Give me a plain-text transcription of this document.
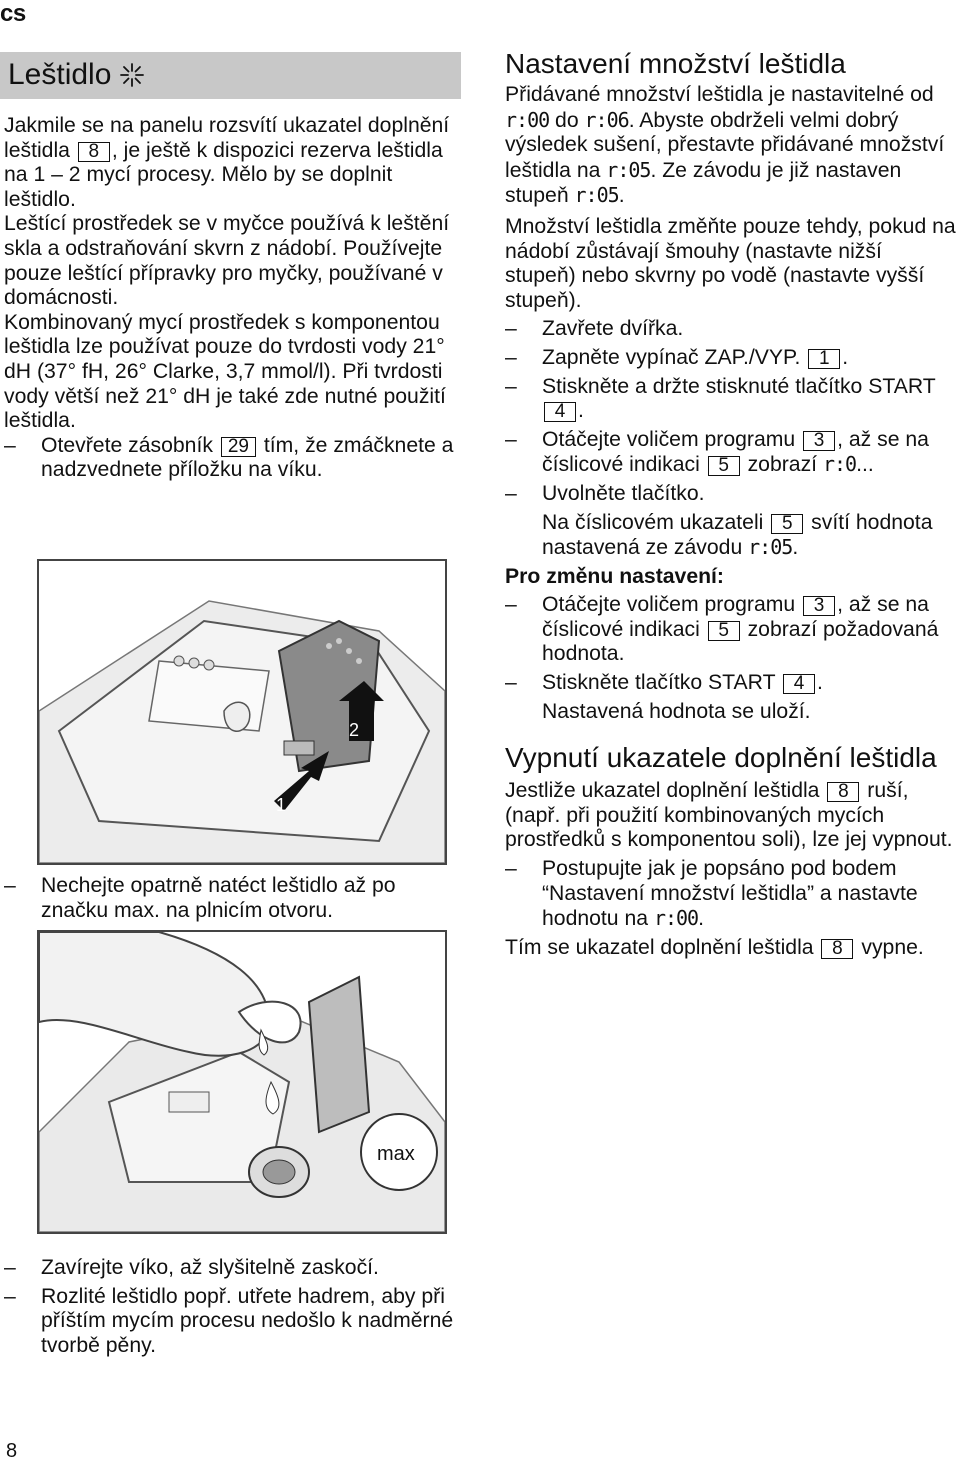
cs
Leštidlo

Jakmile se na panelu rozsvítí ukazatel doplnění leštidla 8 , je ještě k dispozici rezerva leštidla na 1 – 2 mycí procesy. Mělo by se doplnit leštidlo.

Leštící prostředek se v myčce používá k leštění skla a odstraňování skvrn z nádobí. Používejte pouze leštící přípravky pro myčky, používané v domácnosti.

Kombinovaný mycí prostředek s komponentou leštidla lze používat pouze do tvrdosti vody 21° dH (37° fH, 26° Clarke, 3,7 mmol/l). Při tvrdosti vody větší než 21° dH je také zde nutné použití leštidla.

– Otevřete zásobník 29 tím, že zmáčknete a nadzvednete příložku na víku.

1
2

– Nechejte opatrně natéct leštidlo až po značku max. na plnicím otvoru.

max

– Zavírejte víko, až slyšitelně zaskočí.

– Rozlité leštidlo popř. utřete hadrem, aby při příštím mycím procesu nedošlo k nadměrné tvorbě pěny.

Nastavení množství leštidla

Přidávané množství leštidla je nastavitelné od r:00 do r:06. Abyste obdrželi velmi dobrý výsledek sušení, přestavte přidávané množství leštidla na r:05. Ze závodu je již nastaven stupeň r:05.

Množství leštidla změňte pouze tehdy, pokud na nádobí zůstávají šmouhy (nastavte nižší stupeň) nebo skvrny po vodě (nastavte vyšší stupeň).

– Zavřete dvířka.

– Zapněte vypínač ZAP./VYP. 1 .

– Stiskněte a držte stisknuté tlačítko START 4 .

– Otáčejte voličem programu 3 , až se na číslicové indikaci 5 zobrazí r:0...

– Uvolněte tlačítko.

Na číslicovém ukazateli 5 svítí hodnota nastavená ze závodu r:05.

Pro změnu nastavení:

– Otáčejte voličem programu 3 , až se na číslicové indikaci 5 zobrazí požadovaná hodnota.

– Stiskněte tlačítko START 4 .

Nastavená hodnota se uloží.

Vypnutí ukazatele doplnění leštidla

Jestliže ukazatel doplnění leštidla 8 ruší, (např. při použití kombinovaných mycích prostředků s komponentou soli), lze jej vypnout.

– Postupujte jak je popsáno pod bodem “Nastavení množství leštidla” a nastavte hodnotu na r:00.

Tím se ukazatel doplnění leštidla 8 vypne.

8
